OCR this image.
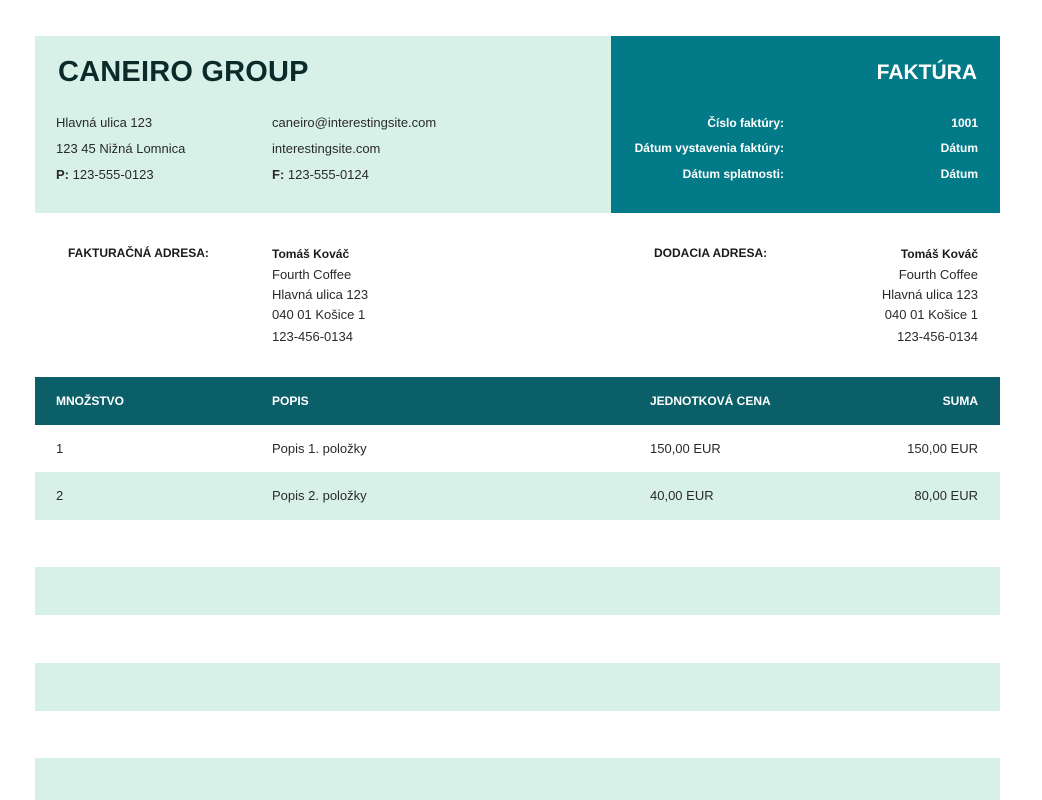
CANEIRO GROUP
Hlavná ulica 123
123 45 Nižná Lomnica
P: 123-555-0123
caneiro@interestingsite.com
interestingsite.com
F: 123-555-0124
FAKTÚRA
Číslo faktúry:	1001
Dátum vystavenia faktúry:	Dátum
Dátum splatnosti:	Dátum
FAKTURAČNÁ ADRESA:	Tomáš Kováč
Fourth Coffee
Hlavná ulica 123
040 01 Košice 1
123-456-0134
DODACIA ADRESA:	Tomáš Kováč
Fourth Coffee
Hlavná ulica 123
040 01 Košice 1
123-456-0134
MNOŽSTVO	POPIS	JEDNOTKOVÁ CENA	SUMA
1	Popis 1. položky	150,00 EUR	150,00 EUR
2	Popis 2. položky	40,00 EUR	80,00 EUR
